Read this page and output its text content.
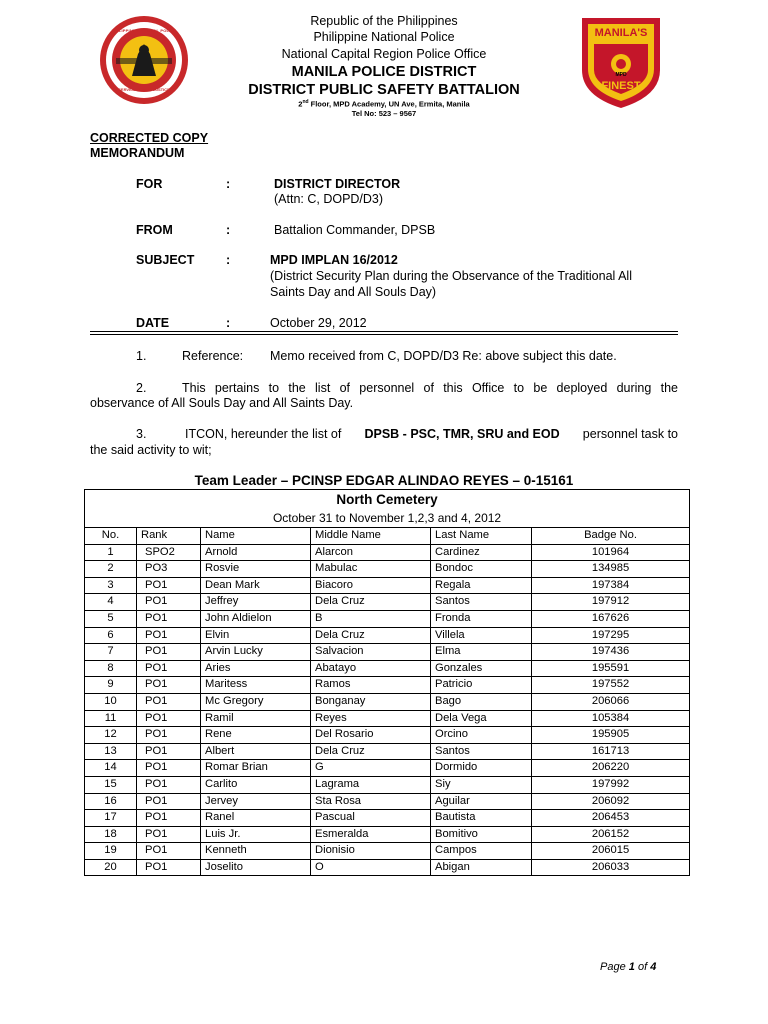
PHILIPPINE NATIONAL POLICE
SERVICE HONOR JUSTICE
MANILA'S
MPD
FINEST
Republic of the Philippines
Philippine National Police
National Capital Region Police Office
MANILA POLICE DISTRICT
DISTRICT PUBLIC SAFETY BATTALION
2nd Floor, MPD Academy, UN Ave, Ermita, Manila
Tel No: 523 – 9567
CORRECTED COPY
MEMORANDUM
FOR	:	DISTRICT DIRECTOR
(Attn: C, DOPD/D3)
FROM	:	Battalion Commander, DPSB
SUBJECT	:	MPD IMPLAN 16/2012
(District Security Plan during the Observance of the Traditional All
Saints Day and All Souls Day)
DATE	:	October 29, 2012
1.	Reference: Memo received from C, DOPD/D3 Re: above subject this date.
2.	This pertains to the list of personnel of this Office to be deployed during the
observance of All Souls Day and All Saints Day.
3.	ITCON, hereunder the list of DPSB - PSC, TMR, SRU and EOD personnel task to
the said activity to wit;
Team Leader – PCINSP EDGAR ALINDAO REYES – 0-15161
North Cemetery					
October 31 to November 1,2,3 and 4, 2012					
No.	Rank	Name	Middle Name	Last Name	Badge No.
1	SPO2	Arnold	Alarcon	Cardinez	101964
2	PO3	Rosvie	Mabulac	Bondoc	134985
3	PO1	Dean Mark	Biacoro	Regala	197384
4	PO1	Jeffrey	Dela Cruz	Santos	197912
5	PO1	John Aldielon	B	Fronda	167626
6	PO1	Elvin	Dela Cruz	Villela	197295
7	PO1	Arvin Lucky	Salvacion	Elma	197436
8	PO1	Aries	Abatayo	Gonzales	195591
9	PO1	Maritess	Ramos	Patricio	197552
10	PO1	Mc Gregory	Bonganay	Bago	206066
11	PO1	Ramil	Reyes	Dela Vega	105384
12	PO1	Rene	Del Rosario	Orcino	195905
13	PO1	Albert	Dela Cruz	Santos	161713
14	PO1	Romar Brian	G	Dormido	206220
15	PO1	Carlito	Lagrama	Siy	197992
16	PO1	Jervey	Sta Rosa	Aguilar	206092
17	PO1	Ranel	Pascual	Bautista	206453
18	PO1	Luis Jr.	Esmeralda	Bomitivo	206152
19	PO1	Kenneth	Dionisio	Campos	206015
20	PO1	Joselito	O	Abigan	206033
Page 1 of 4
